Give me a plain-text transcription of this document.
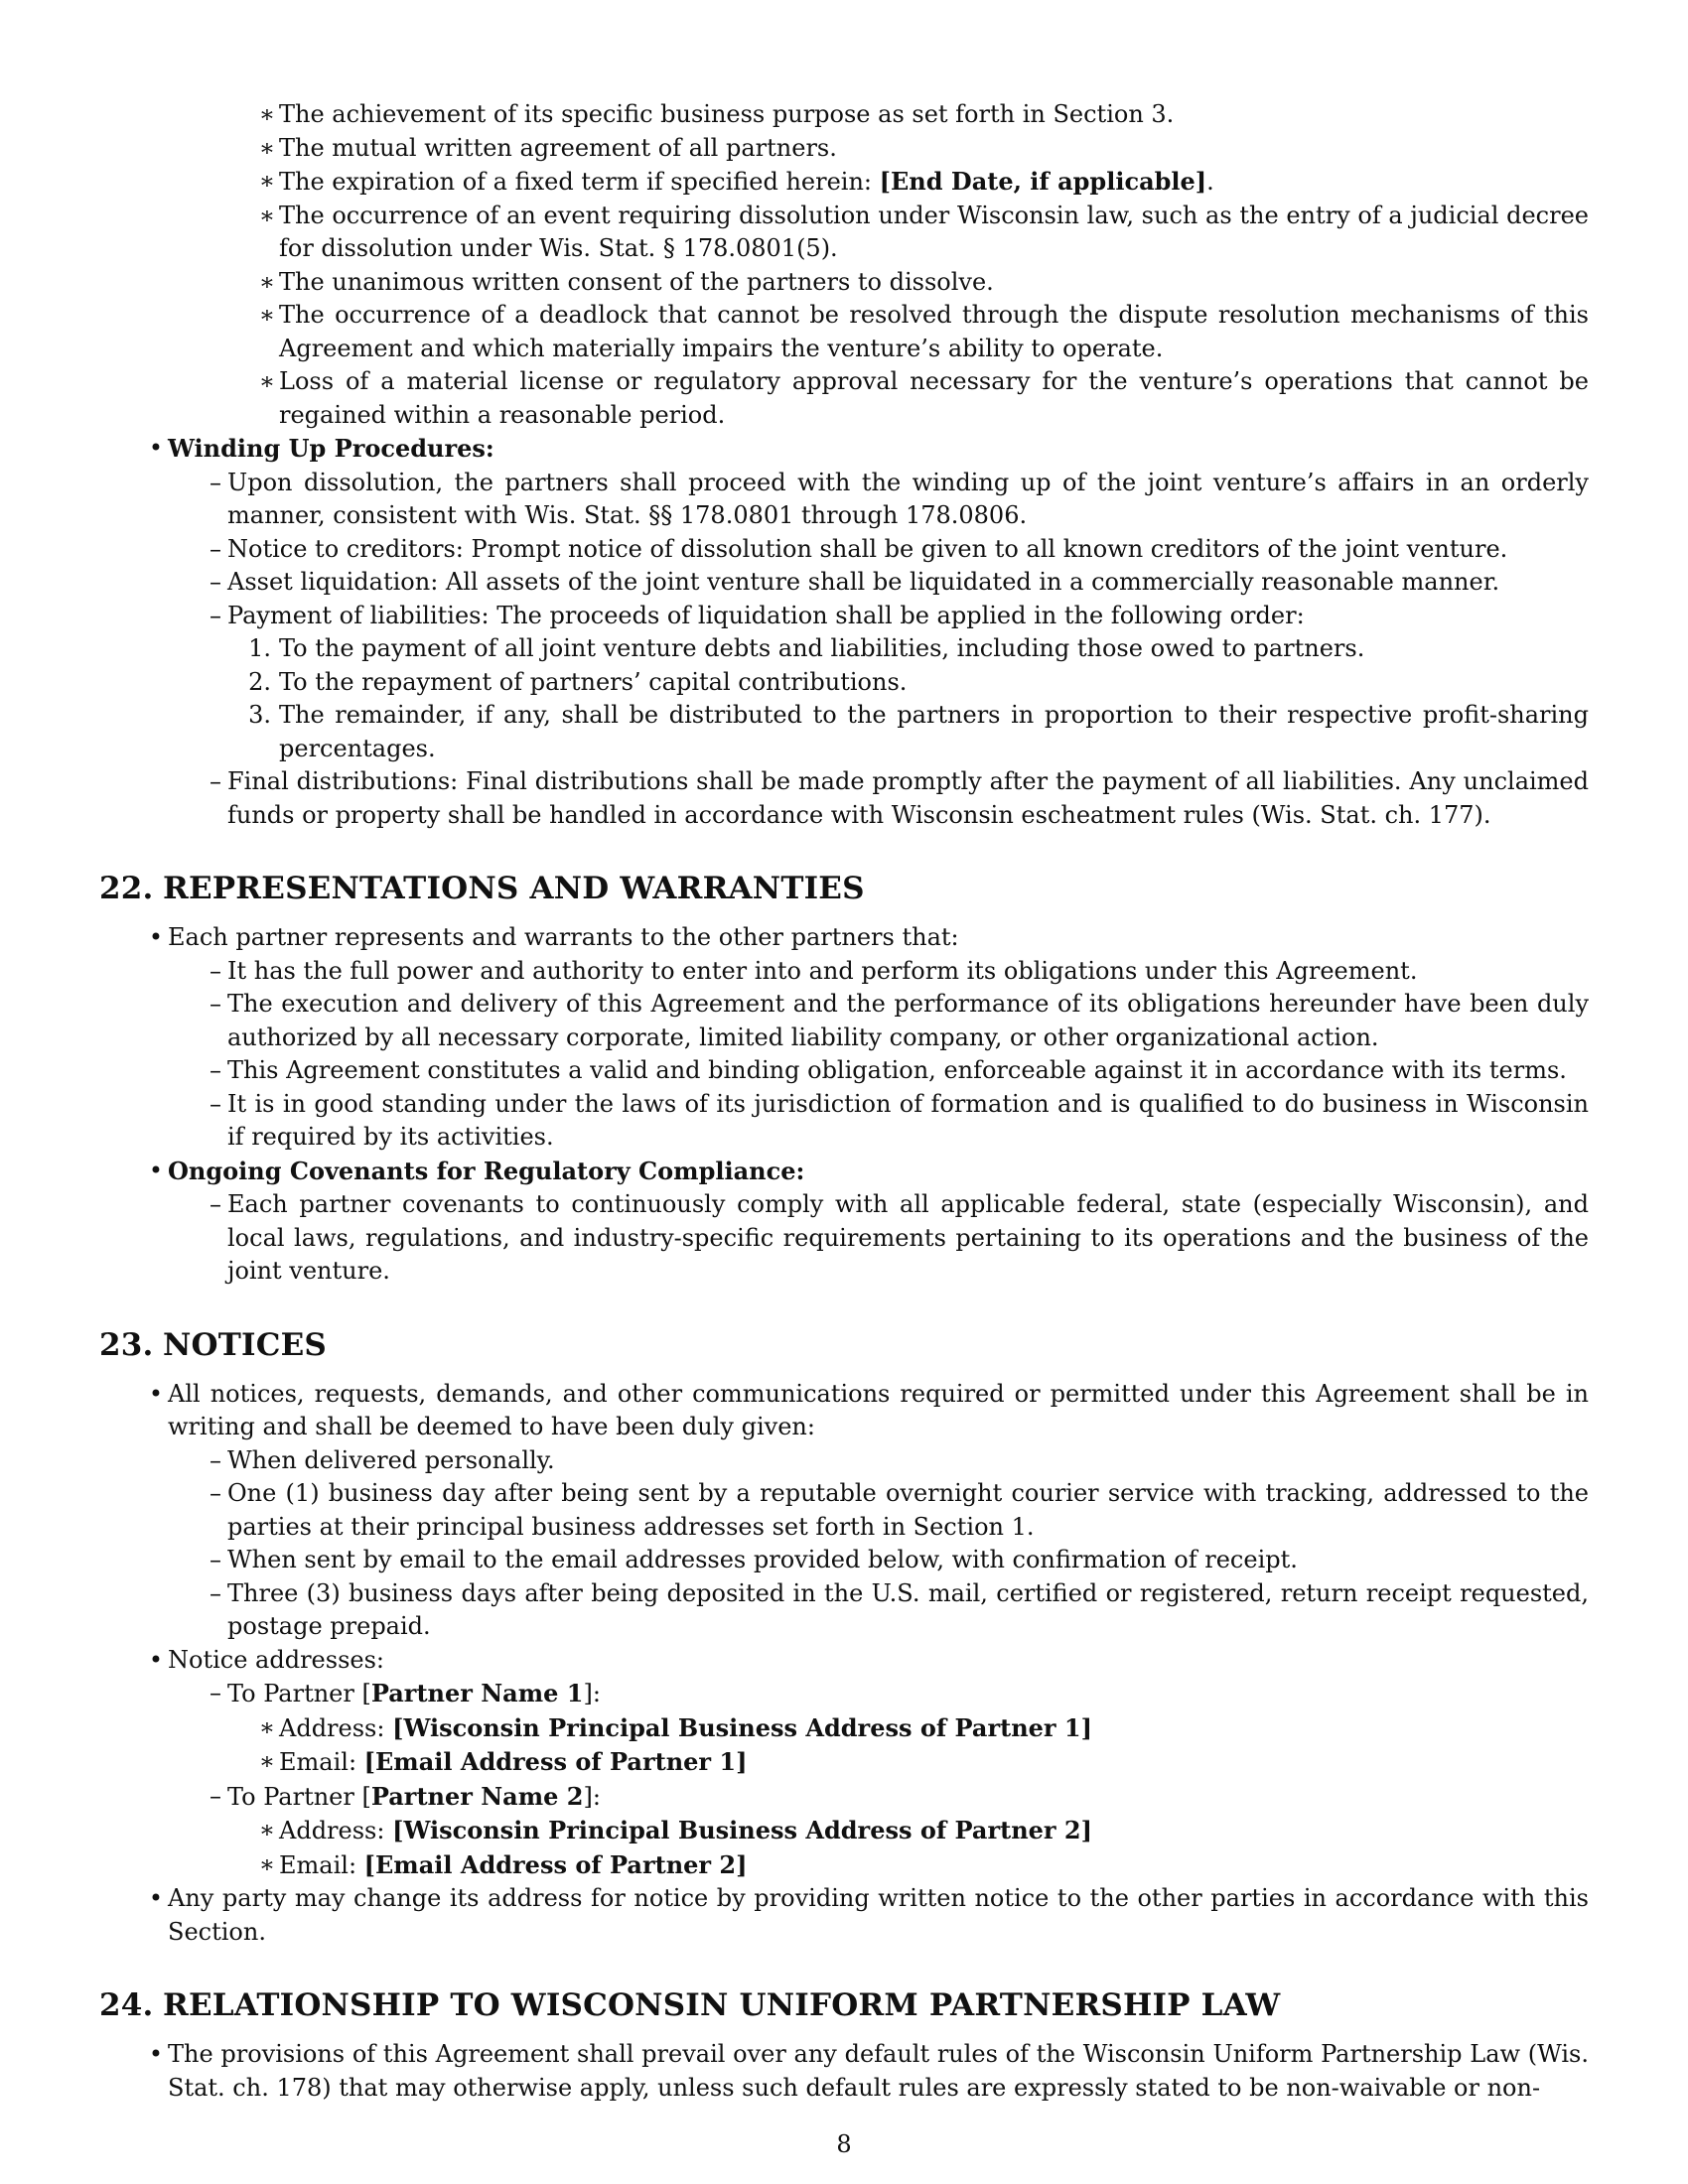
∗ The achievement of its specific business purpose as set forth in Section 3.
∗ The mutual written agreement of all partners.
∗ The expiration of a fixed term if specified herein: [End Date, if applicable].
∗ The occurrence of an event requiring dissolution under Wisconsin law, such as the entry of a judicial decree for dissolution under Wis. Stat. § 178.0801(5).
∗ The unanimous written consent of the partners to dissolve.
∗ The occurrence of a deadlock that cannot be resolved through the dispute resolution mechanisms of this Agreement and which materially impairs the venture’s ability to operate.
∗ Loss of a material license or regulatory approval necessary for the venture’s operations that cannot be regained within a reasonable period.
• Winding Up Procedures:
– Upon dissolution, the partners shall proceed with the winding up of the joint venture’s affairs in an orderly manner, consistent with Wis. Stat. §§ 178.0801 through 178.0806.
– Notice to creditors: Prompt notice of dissolution shall be given to all known creditors of the joint venture.
– Asset liquidation: All assets of the joint venture shall be liquidated in a commercially reasonable manner.
– Payment of liabilities: The proceeds of liquidation shall be applied in the following order:
1. To the payment of all joint venture debts and liabilities, including those owed to partners.
2. To the repayment of partners’ capital contributions.
3. The remainder, if any, shall be distributed to the partners in proportion to their respective profit-sharing percentages.
– Final distributions: Final distributions shall be made promptly after the payment of all liabilities. Any unclaimed funds or property shall be handled in accordance with Wisconsin escheatment rules (Wis. Stat. ch. 177).
22. REPRESENTATIONS AND WARRANTIES
• Each partner represents and warrants to the other partners that:
– It has the full power and authority to enter into and perform its obligations under this Agreement.
– The execution and delivery of this Agreement and the performance of its obligations hereunder have been duly authorized by all necessary corporate, limited liability company, or other organizational action.
– This Agreement constitutes a valid and binding obligation, enforceable against it in accordance with its terms.
– It is in good standing under the laws of its jurisdiction of formation and is qualified to do business in Wisconsin if required by its activities.
• Ongoing Covenants for Regulatory Compliance:
– Each partner covenants to continuously comply with all applicable federal, state (especially Wisconsin), and local laws, regulations, and industry-specific requirements pertaining to its operations and the business of the joint venture.
23. NOTICES
• All notices, requests, demands, and other communications required or permitted under this Agreement shall be in writing and shall be deemed to have been duly given:
– When delivered personally.
– One (1) business day after being sent by a reputable overnight courier service with tracking, addressed to the parties at their principal business addresses set forth in Section 1.
– When sent by email to the email addresses provided below, with confirmation of receipt.
– Three (3) business days after being deposited in the U.S. mail, certified or registered, return receipt requested, postage prepaid.
• Notice addresses:
– To Partner [Partner Name 1]:
∗ Address: [Wisconsin Principal Business Address of Partner 1]
∗ Email: [Email Address of Partner 1]
– To Partner [Partner Name 2]:
∗ Address: [Wisconsin Principal Business Address of Partner 2]
∗ Email: [Email Address of Partner 2]
• Any party may change its address for notice by providing written notice to the other parties in accordance with this Section.
24. RELATIONSHIP TO WISCONSIN UNIFORM PARTNERSHIP LAW
• The provisions of this Agreement shall prevail over any default rules of the Wisconsin Uniform Partnership Law (Wis. Stat. ch. 178) that may otherwise apply, unless such default rules are expressly stated to be non-waivable or non-
8
